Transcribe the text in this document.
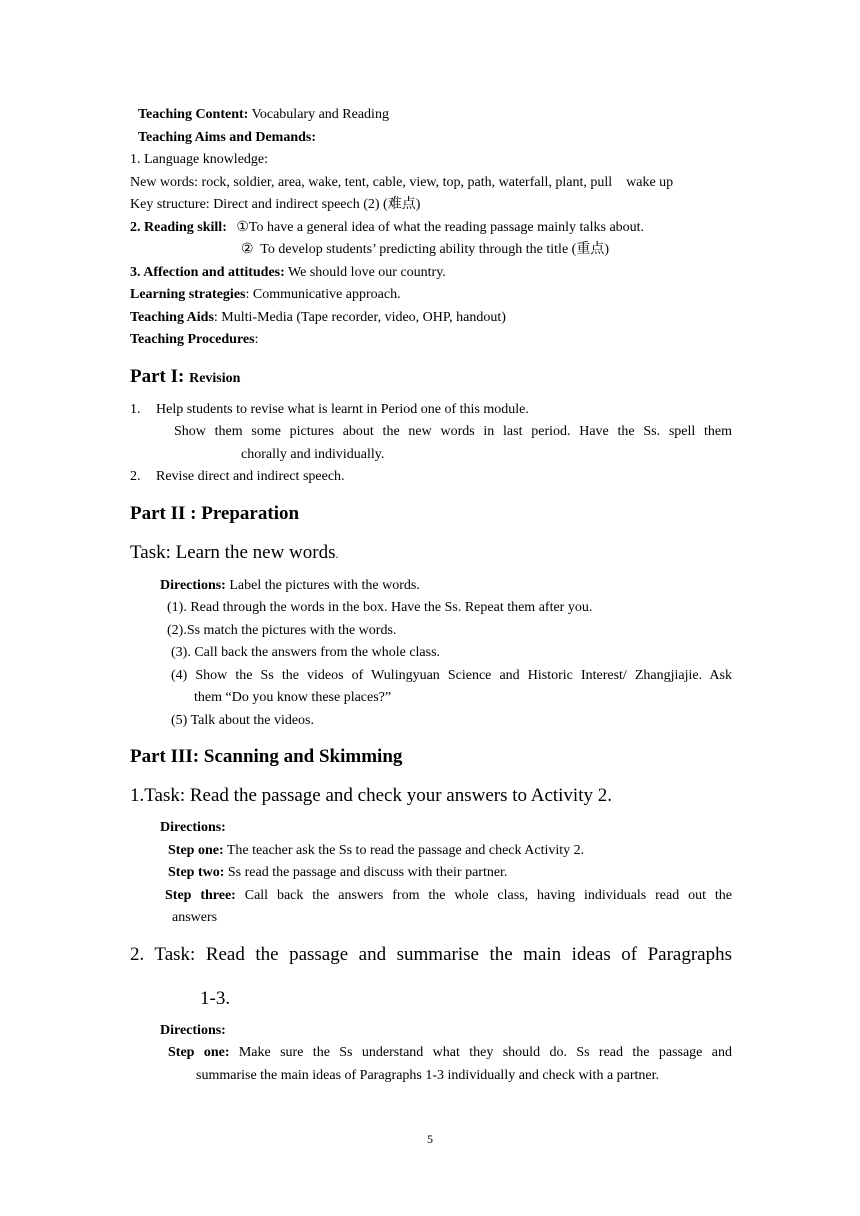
Teaching Content: Vocabulary and Reading
Teaching Aims and Demands:
1. Language knowledge:
New words: rock, soldier, area, wake, tent, cable, view, top, path, waterfall, plant, pull    wake up
Key structure: Direct and indirect speech (2) (难点)
2. Reading skill: ①To have a general idea of what the reading passage mainly talks about.
②  To develop students’ predicting ability through the title (重点)
3. Affection and attitudes: We should love our country.
Learning strategies: Communicative approach.
Teaching Aids: Multi-Media (Tape recorder, video, OHP, handout)
Teaching Procedures:
Part I: Revision
1. Help students to revise what is learnt in Period one of this module.
Show them some pictures about the new words in last period. Have the Ss. spell them
chorally and individually.
2. Revise direct and indirect speech.
Part II : Preparation
Task: Learn the new words.
Directions: Label the pictures with the words.
(1). Read through the words in the box. Have the Ss. Repeat them after you.
(2).Ss match the pictures with the words.
(3). Call back the answers from the whole class.
(4) Show the Ss the videos of Wulingyuan Science and Historic Interest/ Zhangjiajie. Ask
them “Do you know these places?”
(5) Talk about the videos.
Part III: Scanning and Skimming
1.Task: Read the passage and check your answers to Activity 2.
Directions:
Step one: The teacher ask the Ss to read the passage and check Activity 2.
Step two: Ss read the passage and discuss with their partner.
Step three: Call back the answers from the whole class, having individuals read out the
answers
2. Task: Read the passage and summarise the main ideas of Paragraphs
1-3.
Directions:
Step one: Make sure the Ss understand what they should do. Ss read the passage and
summarise the main ideas of Paragraphs 1-3 individually and check with a partner.
5
